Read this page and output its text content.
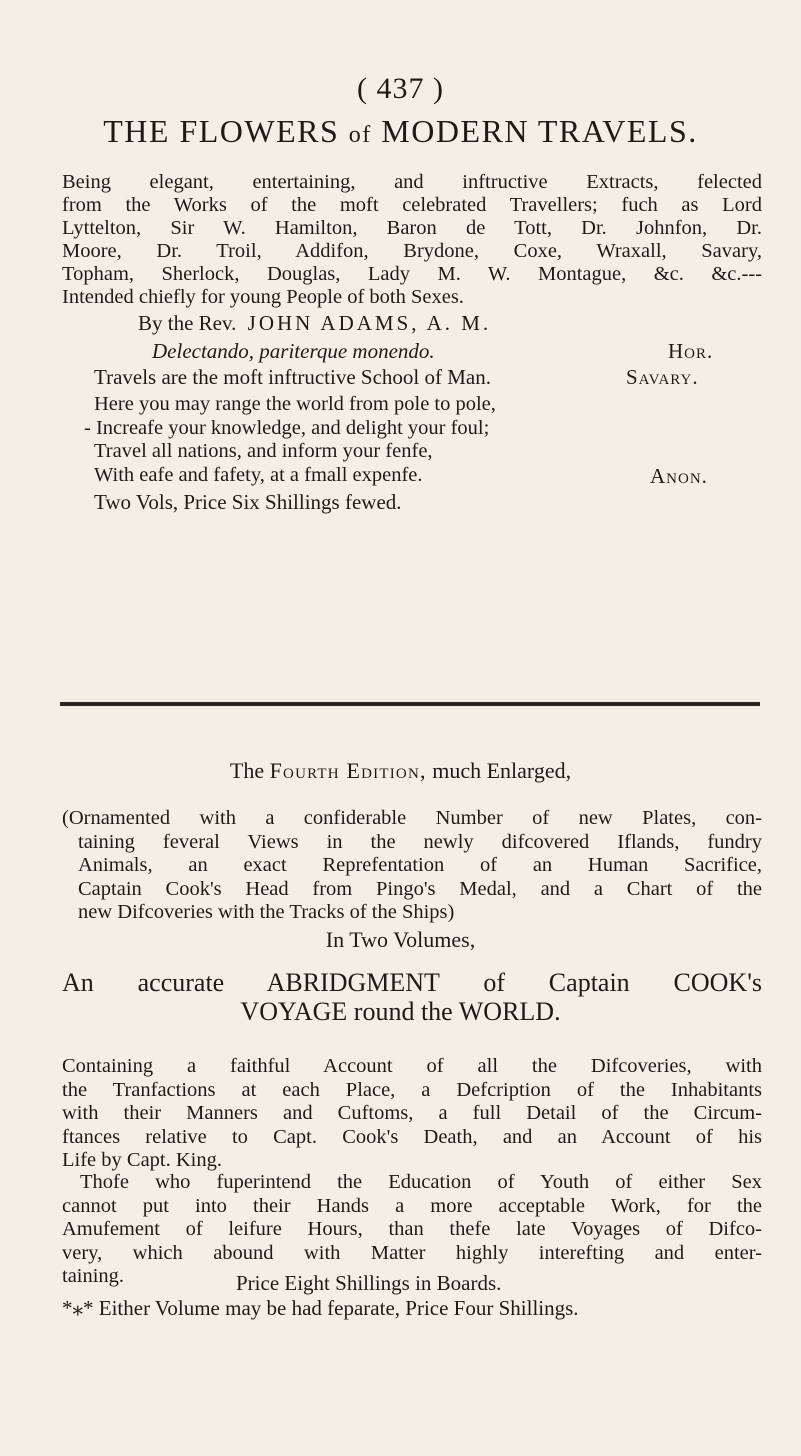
( 437 )
THE FLOWERS of MODERN TRAVELS.
Being elegant, entertaining, and inftructive Extracts, felected
from the Works of the moft celebrated Travellers; fuch as Lord
Lyttelton, Sir W. Hamilton, Baron de Tott, Dr. Johnfon, Dr.
Moore, Dr. Troil, Addifon, Brydone, Coxe, Wraxall, Savary,
Topham, Sherlock, Douglas, Lady M. W. Montague, &c. &c.---
Intended chiefly for young People of both Sexes.
By the Rev. JOHN ADAMS, A. M.
Delectando, pariterque monendo.	Hor.
Travels are the moft inftructive School of Man.	Savary.
Here you may range the world from pole to pole,
- Increafe your knowledge, and delight your foul;
Travel all nations, and inform your fenfe,
With eafe and fafety, at a fmall expenfe.	Anon.
Two Vols, Price Six Shillings fewed.
The Fourth Edition, much Enlarged,
(Ornamented with a confiderable Number of new Plates, con-
taining feveral Views in the newly difcovered Iflands, fundry
Animals, an exact Reprefentation of an Human Sacrifice,
Captain Cook's Head from Pingo's Medal, and a Chart of the
new Difcoveries with the Tracks of the Ships)
In Two Volumes,
An accurate ABRIDGMENT of Captain COOK's
VOYAGE round the WORLD.
Containing a faithful Account of all the Difcoveries, with
the Tranfactions at each Place, a Defcription of the Inhabitants
with their Manners and Cuftoms, a full Detail of the Circum-
ftances relative to Capt. Cook's Death, and an Account of his
Life by Capt. King.
Thofe who fuperintend the Education of Youth of either Sex
cannot put into their Hands a more acceptable Work, for the
Amufement of leifure Hours, than thefe late Voyages of Difco-
very, which abound with Matter highly interefting and enter-
taining.	Price Eight Shillings in Boards.
*⁎* Either Volume may be had feparate, Price Four Shillings.
